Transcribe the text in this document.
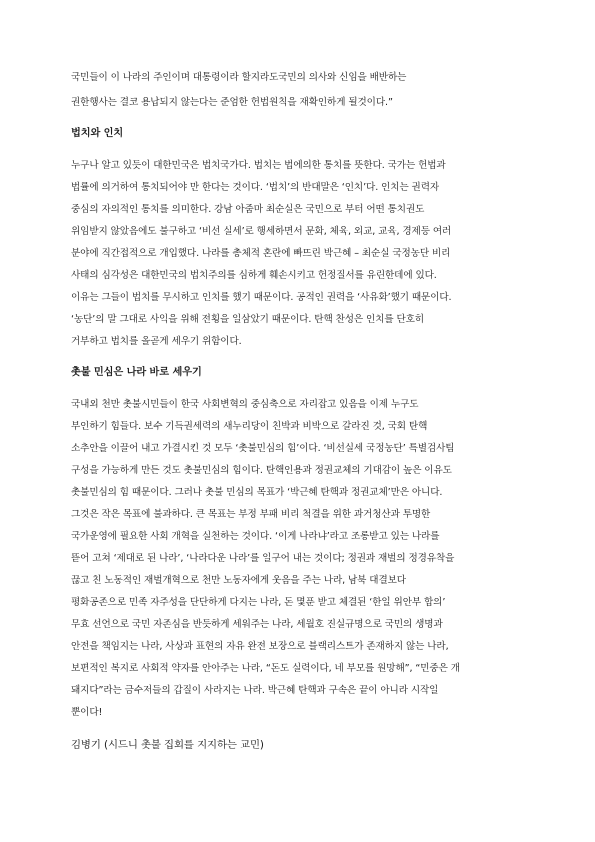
국민들이 이 나라의 주인이며 대통령이라 할지라도국민의 의사와 신임을 배반하는

권한행사는 결코 용납되지 않는다는 준엄한 헌법원칙을 재확인하게 될것이다.”

법치와 인치

누구나 알고 있듯이 대한민국은 법치국가다. 법치는 법에의한 통치를 뜻한다. 국가는 헌법과

법률에 의거하여 통치되어야 만 한다는 것이다. ‘법치’의 반대말은 ‘인치’다. 인치는 권력자

중심의 자의적인 통치를 의미한다. 강남 아줌마 최순실은 국민으로 부터 어떤 통치권도

위임받지 않았음에도 불구하고 ‘비선 실세’로 행세하면서 문화, 체육, 외교, 교육, 경제등 여러

분야에 직간접적으로 개입했다. 나라를 총체적 혼란에 빠뜨린 박근혜 – 최순실 국정농단 비리

사태의 심각성은 대한민국의 법치주의를 심하게 훼손시키고 헌정질서를 유린한데에 있다.

이유는 그들이 법치를 무시하고 인치를 했기 때문이다. 공적인 권력을 ‘사유화’했기 때문이다.

‘농단’의 말 그대로 사익을 위해 전횡을 일삼았기 때문이다. 탄핵 찬성은 인치를 단호히

거부하고 법치를 올곧게 세우기 위함이다.

촛불 민심은 나라 바로 세우기

국내외 천만 촛불시민들이 한국 사회변혁의 중심축으로 자리잡고 있음을 이제 누구도

부인하기 힘들다. 보수 기득권세력의 새누리당이 친박과 비박으로 갈라진 것, 국회 탄핵

소추안을 이끌어 내고 가결시킨 것 모두 ‘촛불민심의 힘’이다. ‘비선실세 국정농단’ 특별검사팀

구성을 가능하게 만든 것도 촛불민심의 힘이다. 탄핵인용과 정권교체의 기대감이 높은 이유도

촛불민심의 힘 때문이다. 그러나 촛불 민심의 목표가 ‘박근혜 탄핵과 정권교체’만은 아니다.

그것은 작은 목표에 불과하다. 큰 목표는 부정 부패 비리 척결을 위한 과거청산과 투명한

국가운영에 필요한 사회 개혁을 실천하는 것이다. ‘이게 나라냐’라고 조롱받고 있는 나라를

뜯어 고쳐 ‘제대로 된 나라’, ‘나라다운 나라’를 일구어 내는 것이다; 정권과 재벌의 정경유착을

끊고 친 노동적인 재벌개혁으로 천만 노동자에게 웃음을 주는 나라, 남북 대결보다

평화공존으로 민족 자주성을 단단하게 다지는 나라, 돈 몇푼 받고 체결된 ‘한일 위안부 합의’

무효 선언으로 국민 자존심을 반듯하게 세워주는 나라, 세월호 진실규명으로 국민의 생명과

안전을 책임지는 나라, 사상과 표현의 자유 완전 보장으로 블랙리스트가 존재하지 않는 나라,

보편적인 복지로 사회적 약자를 안아주는 나라, “돈도 실력이다, 네 부모를 원망해”, “민중은 개

돼지다”라는 금수저들의 갑질이 사라지는 나라. 박근혜 탄핵과 구속은 끝이 아니라 시작일

뿐이다!

김병기 (시드니 촛불 집회를 지지하는 교민)
